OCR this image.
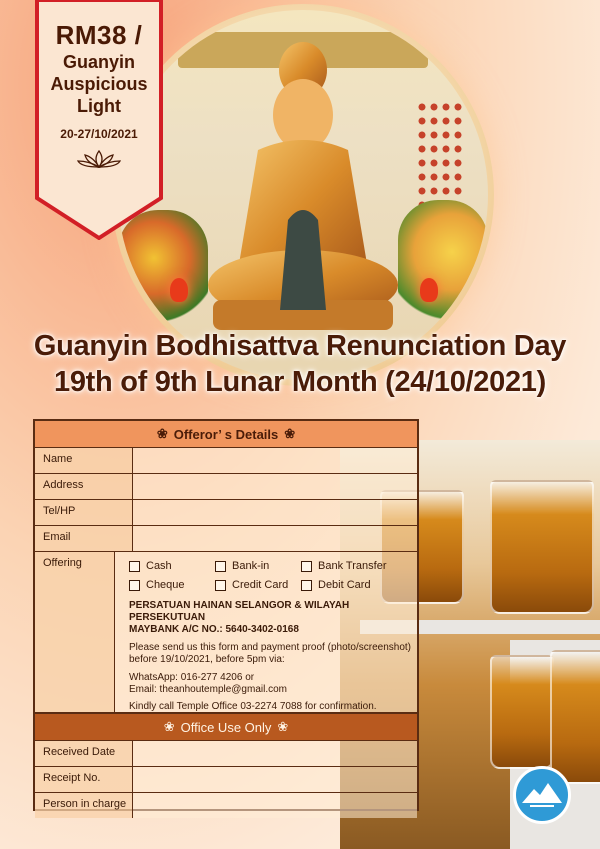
RM38 /
Guanyin
Auspicious
Light
20-27/10/2021
Guanyin Bodhisattva Renunciation Day
19th of 9th Lunar Month (24/10/2021)
❀ Offeror’ s Details ❀
Name
Address
Tel/HP
Email
Offering	Cash	Bank-in	Bank Transfer
Cheque	Credit Card	Debit Card
PERSATUAN HAINAN SELANGOR & WILAYAH PERSEKUTUAN
MAYBANK A/C NO.: 5640-3402-0168
Please send us this form and payment proof (photo/screenshot) before 19/10/2021, before 5pm via:
WhatsApp: 016-277 4206 or
Email: theanhoutemple@gmail.com
Kindly call Temple Office 03-2274 7088 for confirmation.
❀ Office Use Only ❀
Received Date
Receipt No.
Person in charge
